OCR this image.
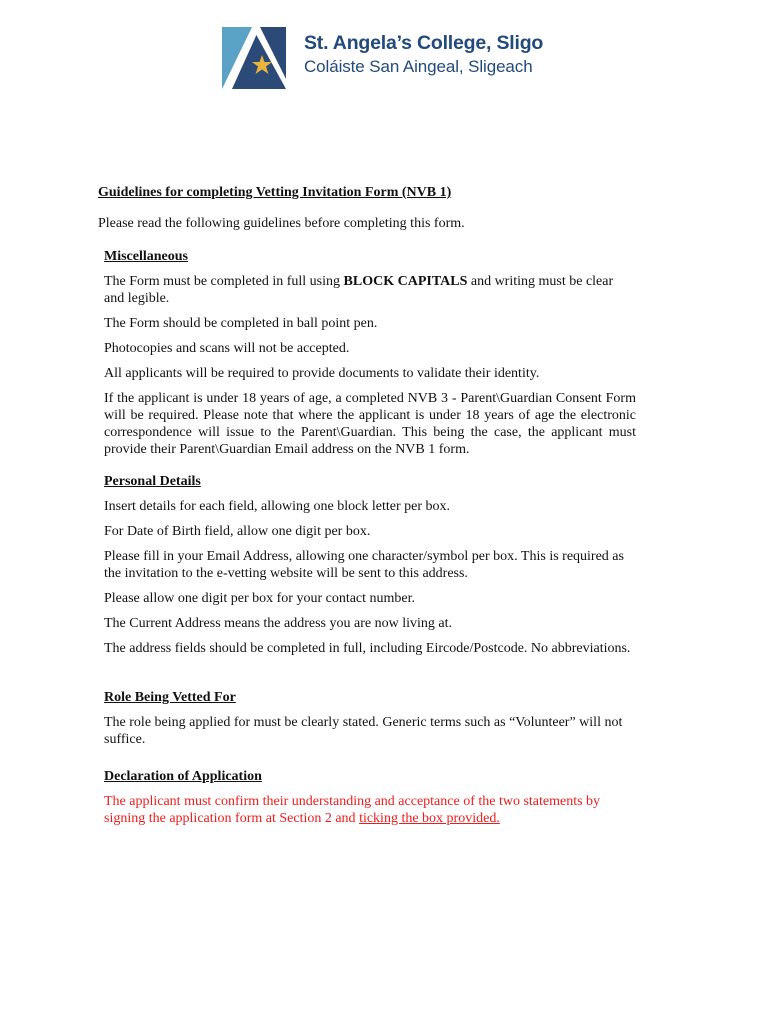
St. Angela’s College, Sligo
Coláiste San Aingeal, Sligeach
Guidelines for completing Vetting Invitation Form (NVB 1)
Please read the following guidelines before completing this form.
Miscellaneous

The Form must be completed in full using BLOCK CAPITALS and writing must be clear and legible.

The Form should be completed in ball point pen.

Photocopies and scans will not be accepted.

All applicants will be required to provide documents to validate their identity.

If the applicant is under 18 years of age, a completed NVB 3 - Parent\Guardian Consent Form will be required. Please note that where the applicant is under 18 years of age the electronic correspondence will issue to the Parent\Guardian. This being the case, the applicant must provide their Parent\Guardian Email address on the NVB 1 form.

Personal Details

Insert details for each field, allowing one block letter per box.

For Date of Birth field, allow one digit per box.

Please fill in your Email Address, allowing one character/symbol per box. This is required as the invitation to the e-vetting website will be sent to this address.

Please allow one digit per box for your contact number.

The Current Address means the address you are now living at.

The address fields should be completed in full, including Eircode/Postcode. No abbreviations.

Role Being Vetted For

The role being applied for must be clearly stated. Generic terms such as “Volunteer” will not suffice.

Declaration of Application

The applicant must confirm their understanding and acceptance of the two statements by signing the application form at Section 2 and ticking the box provided.
